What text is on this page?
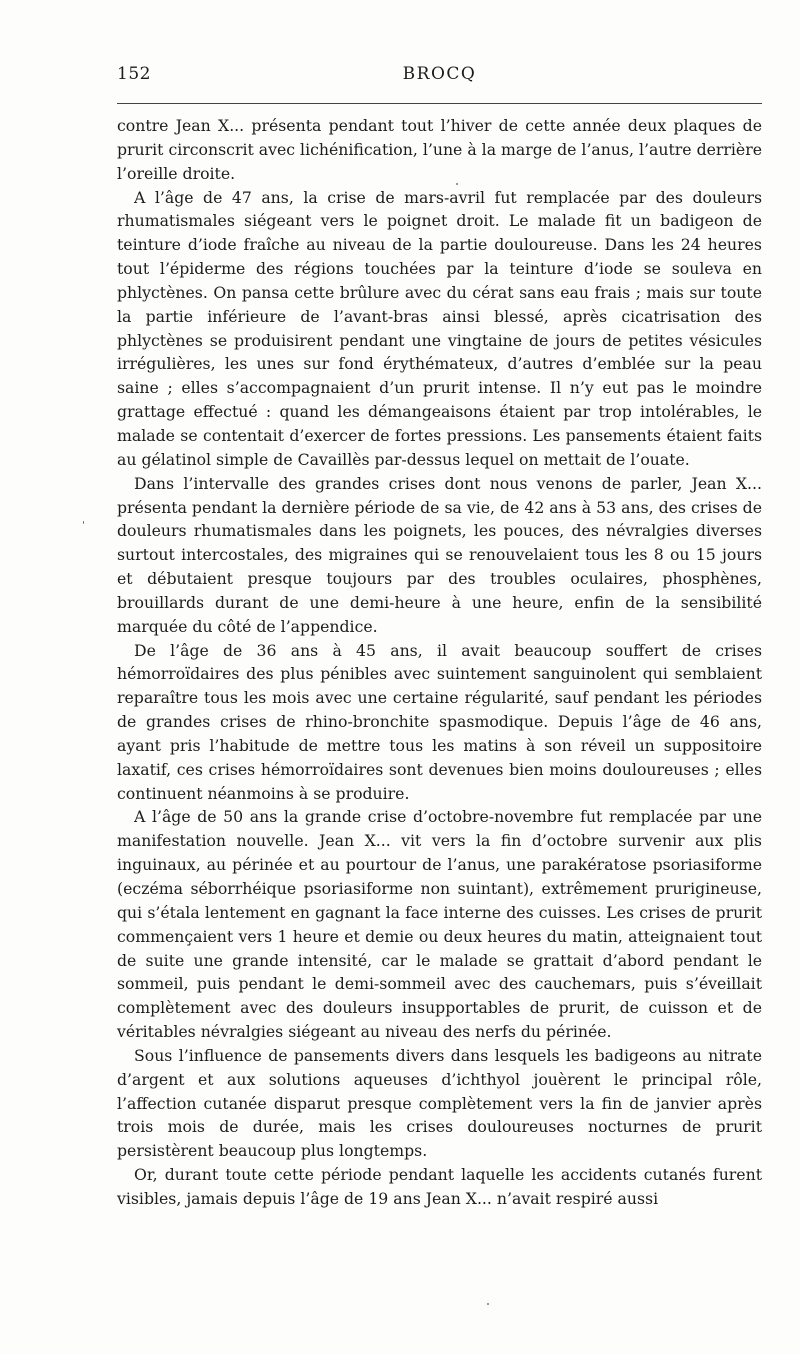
152	BROCQ

contre Jean X... présenta pendant tout l’hiver de cette année deux plaques de prurit circonscrit avec lichénification, l’une à la marge de l’anus, l’autre derrière l’oreille droite.

A l’âge de 47 ans, la crise de mars-avril fut remplacée par des douleurs rhumatismales siégeant vers le poignet droit. Le malade fit un badigeon de teinture d’iode fraîche au niveau de la partie douloureuse. Dans les 24 heures tout l’épiderme des régions touchées par la teinture d’iode se souleva en phlyctènes. On pansa cette brûlure avec du cérat sans eau frais ; mais sur toute la partie inférieure de l’avant-bras ainsi blessé, après cicatrisation des phlyctènes se produisirent pendant une vingtaine de jours de petites vésicules irrégulières, les unes sur fond érythémateux, d’autres d’emblée sur la peau saine ; elles s’accompagnaient d’un prurit intense. Il n’y eut pas le moindre grattage effectué : quand les démangeaisons étaient par trop intolérables, le malade se contentait d’exercer de fortes pressions. Les pansements étaient faits au gélatinol simple de Cavaillès par-dessus lequel on mettait de l’ouate.

Dans l’intervalle des grandes crises dont nous venons de parler, Jean X... présenta pendant la dernière période de sa vie, de 42 ans à 53 ans, des crises de douleurs rhumatismales dans les poignets, les pouces, des névralgies diverses surtout intercostales, des migraines qui se renouvelaient tous les 8 ou 15 jours et débutaient presque toujours par des troubles oculaires, phosphènes, brouillards durant de une demi-heure à une heure, enfin de la sensibilité marquée du côté de l’appendice.

De l’âge de 36 ans à 45 ans, il avait beaucoup souffert de crises hémorroïdaires des plus pénibles avec suintement sanguinolent qui semblaient reparaître tous les mois avec une certaine régularité, sauf pendant les périodes de grandes crises de rhino-bronchite spasmodique. Depuis l’âge de 46 ans, ayant pris l’habitude de mettre tous les matins à son réveil un suppositoire laxatif, ces crises hémorroïdaires sont devenues bien moins douloureuses ; elles continuent néanmoins à se produire.

A l’âge de 50 ans la grande crise d’octobre-novembre fut remplacée par une manifestation nouvelle. Jean X... vit vers la fin d’octobre survenir aux plis inguinaux, au périnée et au pourtour de l’anus, une parakératose psoriasiforme (eczéma séborrhéique psoriasiforme non suintant), extrêmement prurigineuse, qui s’étala lentement en gagnant la face interne des cuisses. Les crises de prurit commençaient vers 1 heure et demie ou deux heures du matin, atteignaient tout de suite une grande intensité, car le malade se grattait d’abord pendant le sommeil, puis pendant le demi-sommeil avec des cauchemars, puis s’éveillait complètement avec des douleurs insupportables de prurit, de cuisson et de véritables névralgies siégeant au niveau des nerfs du périnée.

Sous l’influence de pansements divers dans lesquels les badigeons au nitrate d’argent et aux solutions aqueuses d’ichthyol jouèrent le principal rôle, l’affection cutanée disparut presque complètement vers la fin de janvier après trois mois de durée, mais les crises douloureuses nocturnes de prurit persistèrent beaucoup plus longtemps.

Or, durant toute cette période pendant laquelle les accidents cutanés furent visibles, jamais depuis l’âge de 19 ans Jean X... n’avait respiré aussi
